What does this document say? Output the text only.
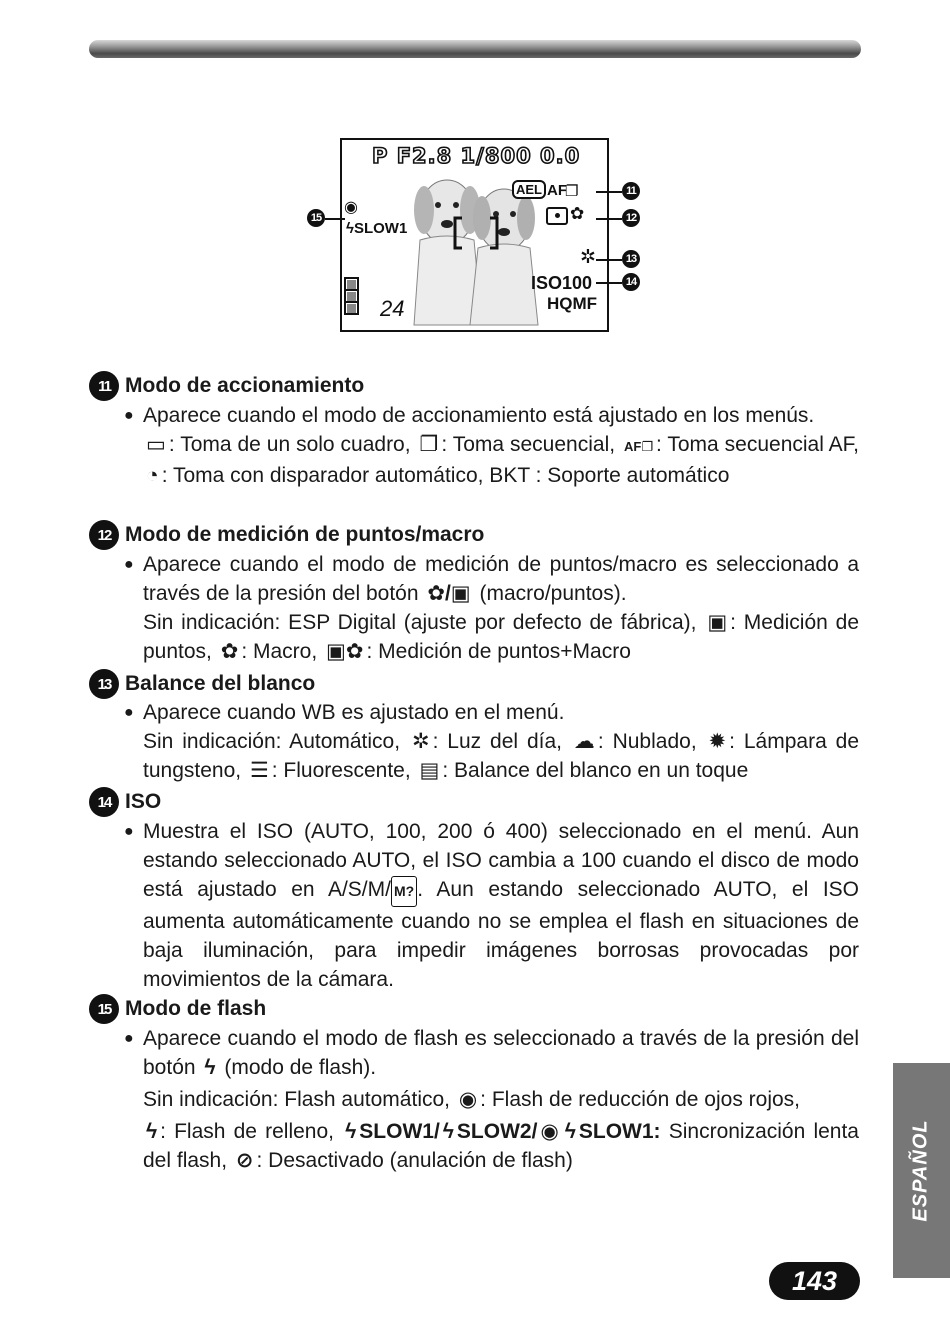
P F2.8 1/800 0.0
AEL AF
❐
✿
✲
ISO100
HQMF
◉
ϟSLOW1
24
11
12
13
14
15
11 Modo de accionamiento
● Aparece cuando el modo de accionamiento está ajustado en los menús.
▭ : Toma de un solo cuadro, ❐ : Toma secuencial, AF❐ : Toma secuencial AF, ◔ : Toma con disparador automático, BKT : Soporte automático
12 Modo de medición de puntos/macro
● Aparece cuando el modo de medición de puntos/macro es seleccionado a través de la presión del botón ✿/▣ (macro/puntos).
Sin indicación: ESP Digital (ajuste por defecto de fábrica), ▣ : Medición de puntos, ✿ : Macro, ▣✿ : Medición de puntos+Macro
13 Balance del blanco
● Aparece cuando WB es ajustado en el menú.
Sin indicación: Automático, ✲ : Luz del día, ☁ : Nublado, ✹ : Lámpara de tungsteno, ☰ : Fluorescente, ▤ : Balance del blanco en un toque
14 ISO
● Muestra el ISO (AUTO, 100, 200 ó 400) seleccionado en el menú. Aun estando seleccionado AUTO, el ISO cambia a 100 cuando el disco de modo está ajustado en A/S/M/ M? . Aun estando seleccionado AUTO, el ISO aumenta automáticamente cuando no se emplea el flash en situaciones de baja iluminación, para impedir imágenes borrosas provocadas por movimientos de la cámara.
15 Modo de flash
● Aparece cuando el modo de flash es seleccionado a través de la presión del botón ϟ (modo de flash).
Sin indicación: Flash automático, ◉ : Flash de reducción de ojos rojos,
ϟ : Flash de relleno, ϟ SLOW1/ ϟ SLOW2/ ◉ ϟ SLOW1: Sincronización lenta del flash, ⊘ : Desactivado (anulación de flash)	ESPAÑOL
143
